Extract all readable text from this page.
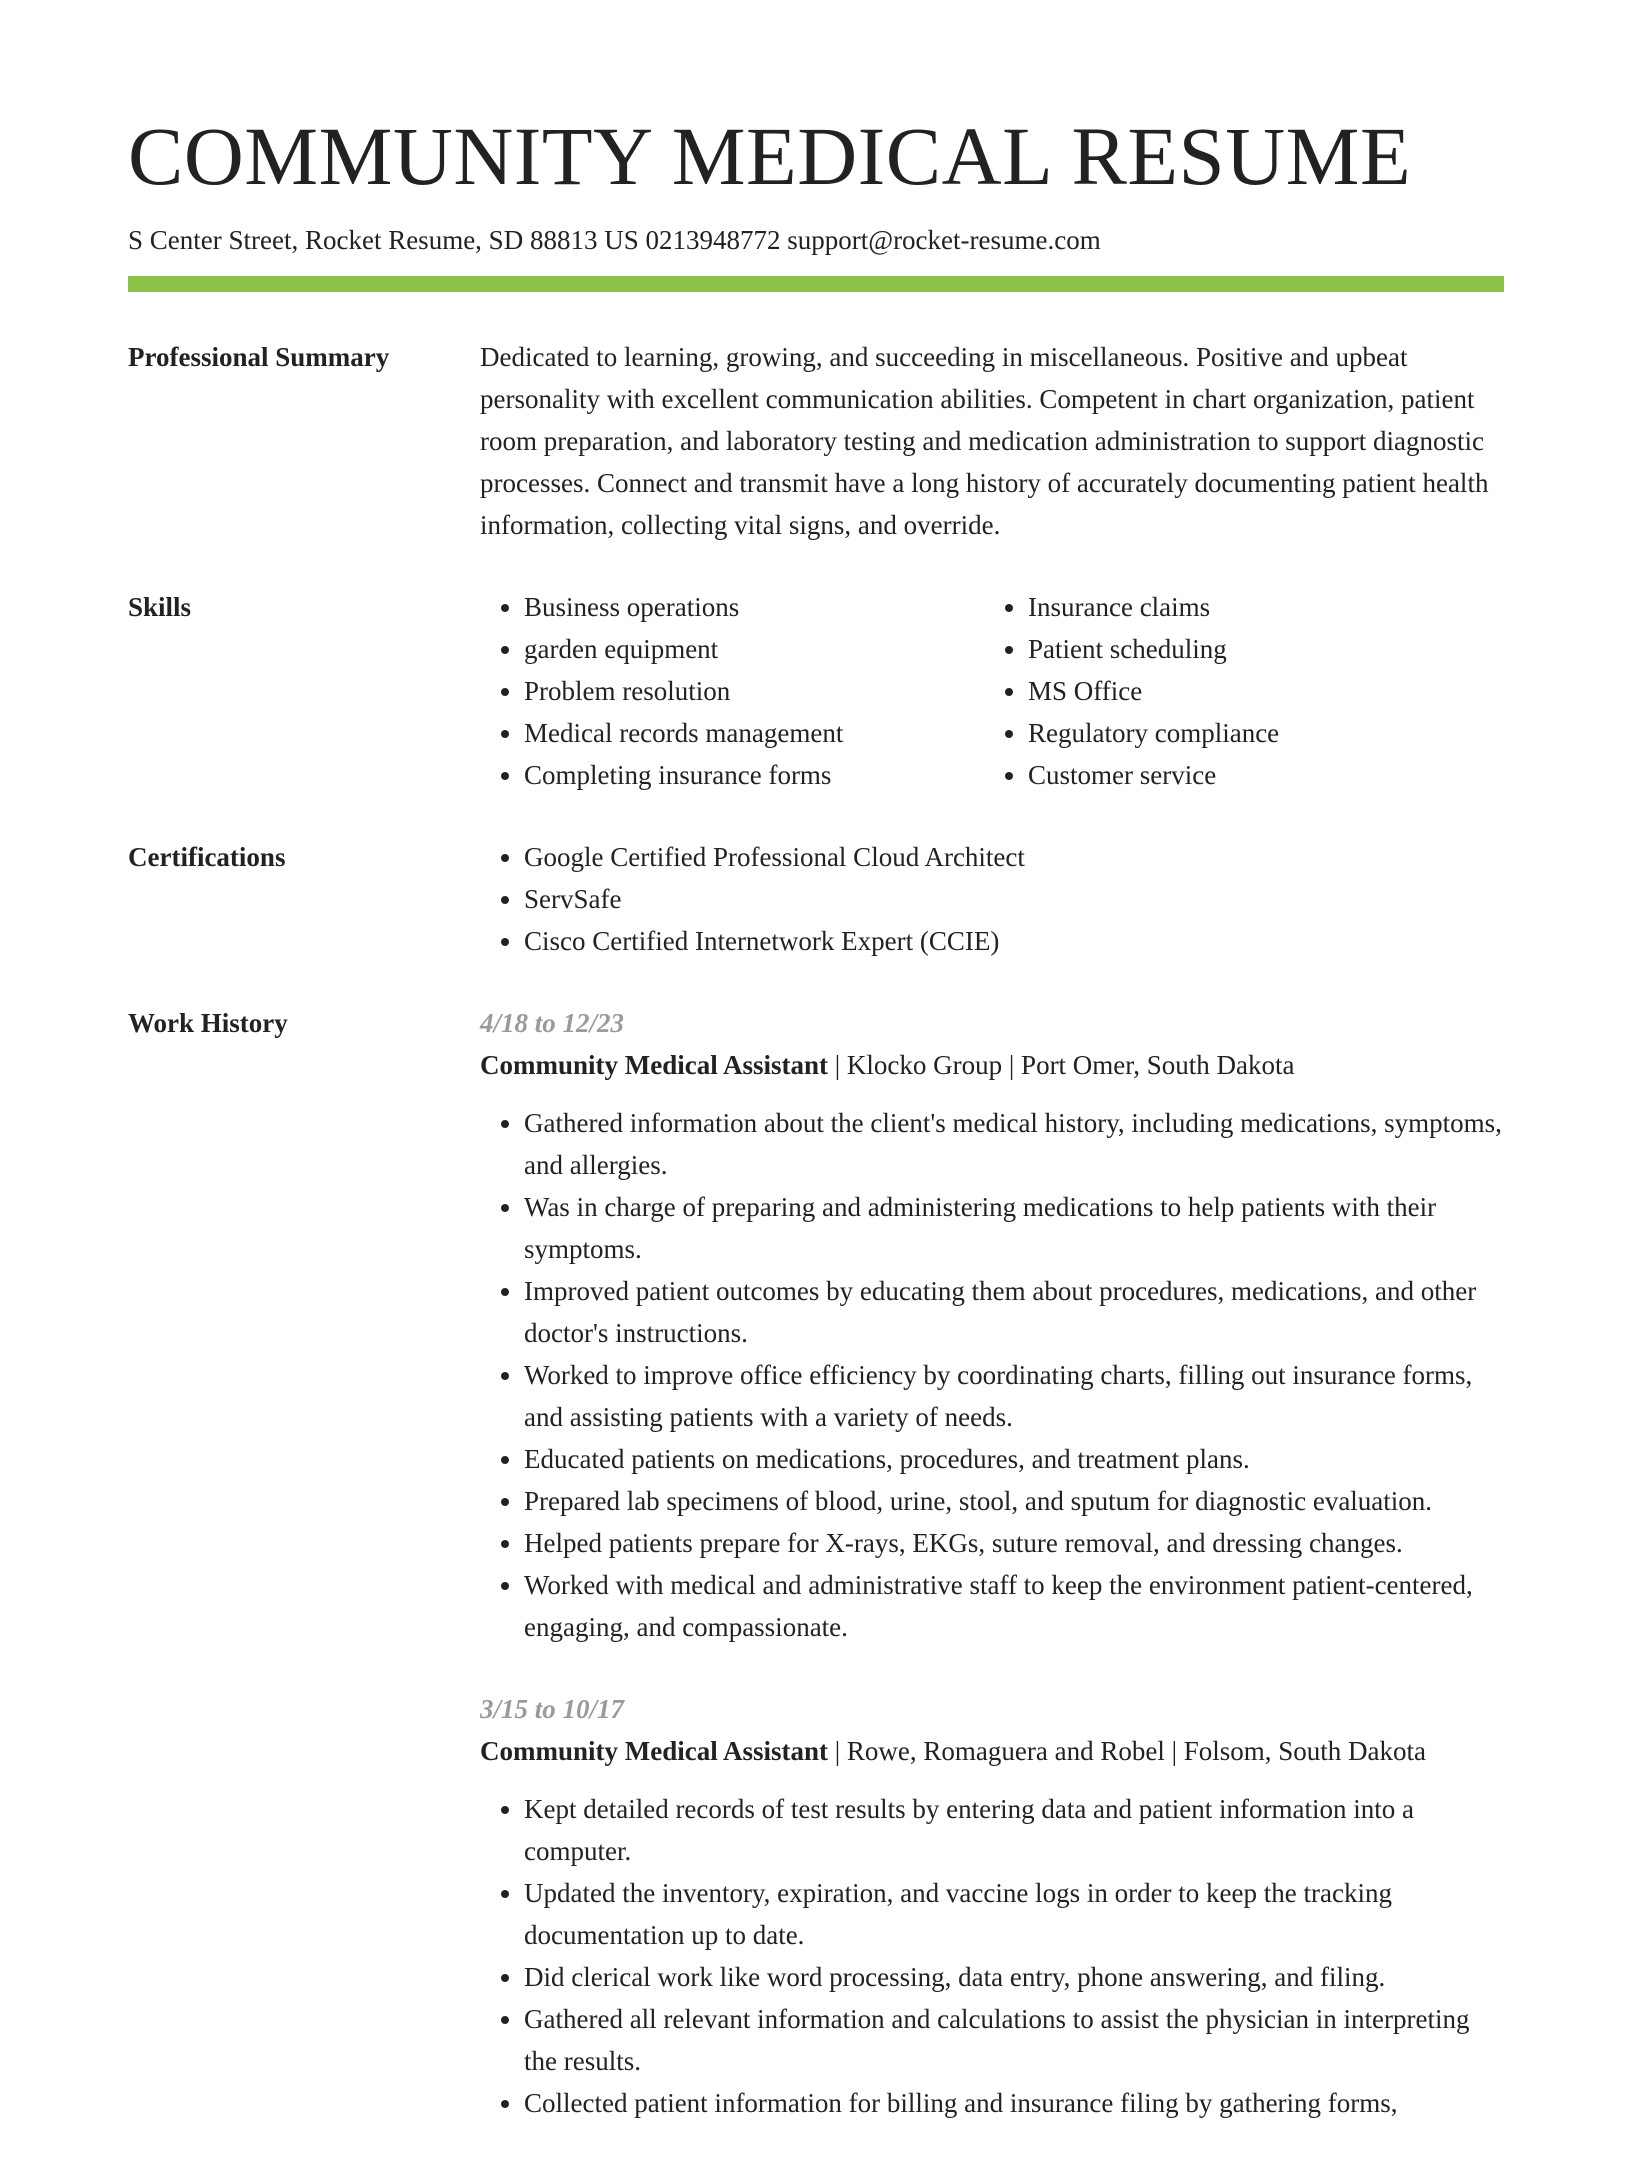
COMMUNITY MEDICAL RESUME
S Center Street, Rocket Resume, SD 88813 US 0213948772 support@rocket-resume.com
Professional Summary	Dedicated to learning, growing, and succeeding in miscellaneous. Positive and upbeat personality with excellent communication abilities. Competent in chart organization, patient room preparation, and laboratory testing and medication administration to support diagnostic processes. Connect and transmit have a long history of accurately documenting patient health information, collecting vital signs, and override.

Skills	• Business operations
• garden equipment
• Problem resolution
• Medical records management
• Completing insurance forms
• Insurance claims
• Patient scheduling
• MS Office
• Regulatory compliance
• Customer service
Certifications	• Google Certified Professional Cloud Architect
• ServSafe
• Cisco Certified Internetwork Expert (CCIE)
Work History	4/18 to 12/23
Community Medical Assistant | Klocko Group | Port Omer, South Dakota
• Gathered information about the client's medical history, including medications, symptoms, and allergies.
• Was in charge of preparing and administering medications to help patients with their symptoms.
• Improved patient outcomes by educating them about procedures, medications, and other doctor's instructions.
• Worked to improve office efficiency by coordinating charts, filling out insurance forms, and assisting patients with a variety of needs.
• Educated patients on medications, procedures, and treatment plans.
• Prepared lab specimens of blood, urine, stool, and sputum for diagnostic evaluation.
• Helped patients prepare for X-rays, EKGs, suture removal, and dressing changes.
• Worked with medical and administrative staff to keep the environment patient-centered, engaging, and compassionate.
3/15 to 10/17
Community Medical Assistant | Rowe, Romaguera and Robel | Folsom, South Dakota
• Kept detailed records of test results by entering data and patient information into a computer.
• Updated the inventory, expiration, and vaccine logs in order to keep the tracking documentation up to date.
• Did clerical work like word processing, data entry, phone answering, and filing.
• Gathered all relevant information and calculations to assist the physician in interpreting the results.
• Collected patient information for billing and insurance filing by gathering forms,
